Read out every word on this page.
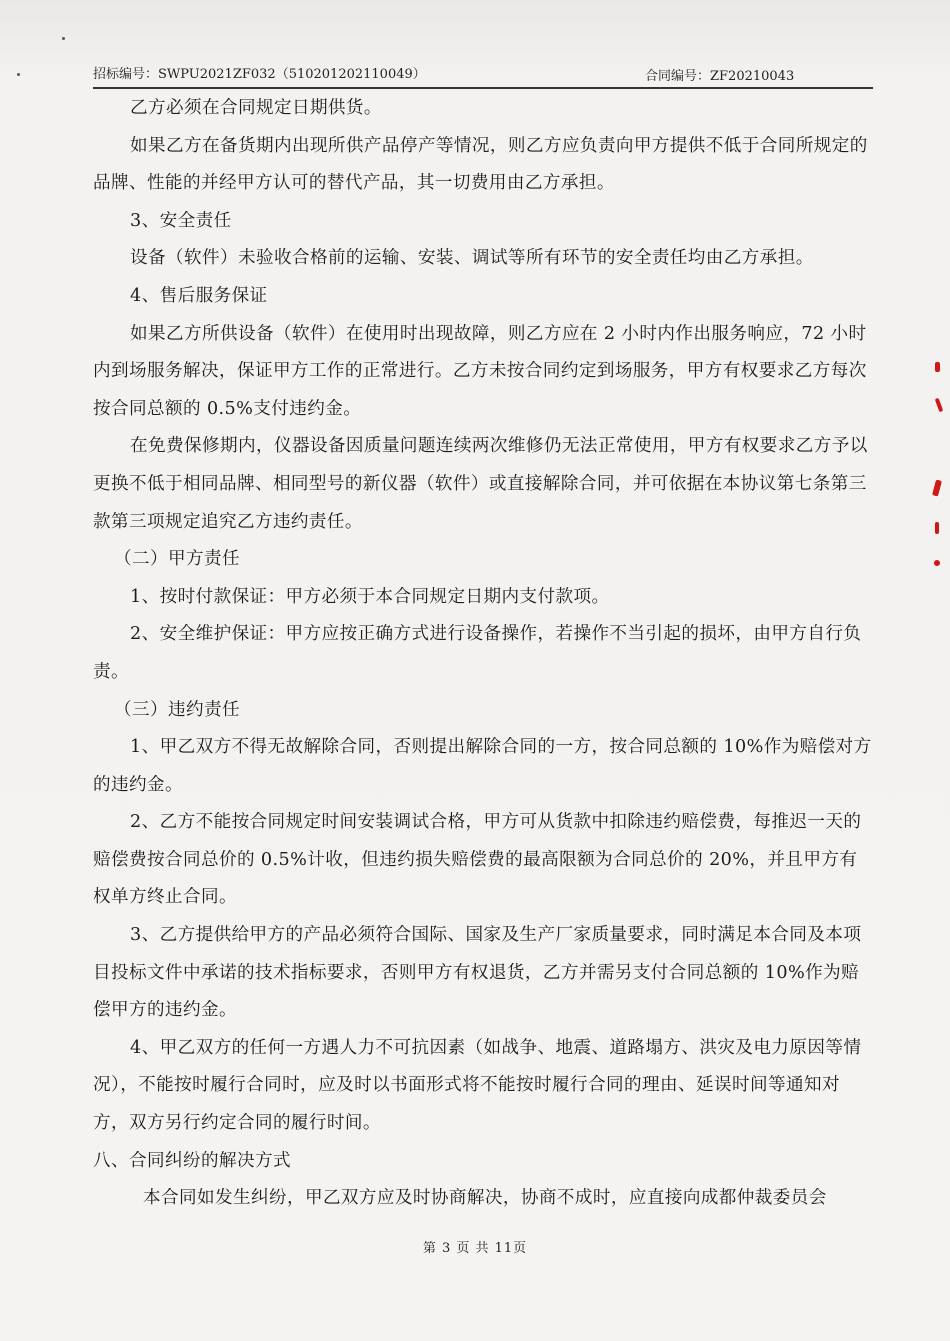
招标编号：SWPU2021ZF032（510201202110049）	合同编号：ZF20210043

乙方必须在合同规定日期供货。

如果乙方在备货期内出现所供产品停产等情况，则乙方应负责向甲方提供不低于合同所规定的品牌、性能的并经甲方认可的替代产品，其一切费用由乙方承担。

3、安全责任

设备（软件）未验收合格前的运输、安装、调试等所有环节的安全责任均由乙方承担。

4、售后服务保证

如果乙方所供设备（软件）在使用时出现故障，则乙方应在 2 小时内作出服务响应，72 小时内到场服务解决，保证甲方工作的正常进行。乙方未按合同约定到场服务，甲方有权要求乙方每次按合同总额的 0.5%支付违约金。

在免费保修期内，仪器设备因质量问题连续两次维修仍无法正常使用，甲方有权要求乙方予以更换不低于相同品牌、相同型号的新仪器（软件）或直接解除合同，并可依据在本协议第七条第三款第三项规定追究乙方违约责任。

（二）甲方责任

1、按时付款保证：甲方必须于本合同规定日期内支付款项。

2、安全维护保证：甲方应按正确方式进行设备操作，若操作不当引起的损坏，由甲方自行负责。

（三）违约责任

1、甲乙双方不得无故解除合同，否则提出解除合同的一方，按合同总额的 10%作为赔偿对方的违约金。

2、乙方不能按合同规定时间安装调试合格，甲方可从货款中扣除违约赔偿费，每推迟一天的赔偿费按合同总价的 0.5%计收，但违约损失赔偿费的最高限额为合同总价的 20%，并且甲方有权单方终止合同。

3、乙方提供给甲方的产品必须符合国际、国家及生产厂家质量要求，同时满足本合同及本项目投标文件中承诺的技术指标要求，否则甲方有权退货，乙方并需另支付合同总额的 10%作为赔偿甲方的违约金。

4、甲乙双方的任何一方遇人力不可抗因素（如战争、地震、道路塌方、洪灾及电力原因等情况），不能按时履行合同时，应及时以书面形式将不能按时履行合同的理由、延误时间等通知对方，双方另行约定合同的履行时间。

八、合同纠纷的解决方式

本合同如发生纠纷，甲乙双方应及时协商解决，协商不成时，应直接向成都仲裁委员会

第 3 页 共 11页
